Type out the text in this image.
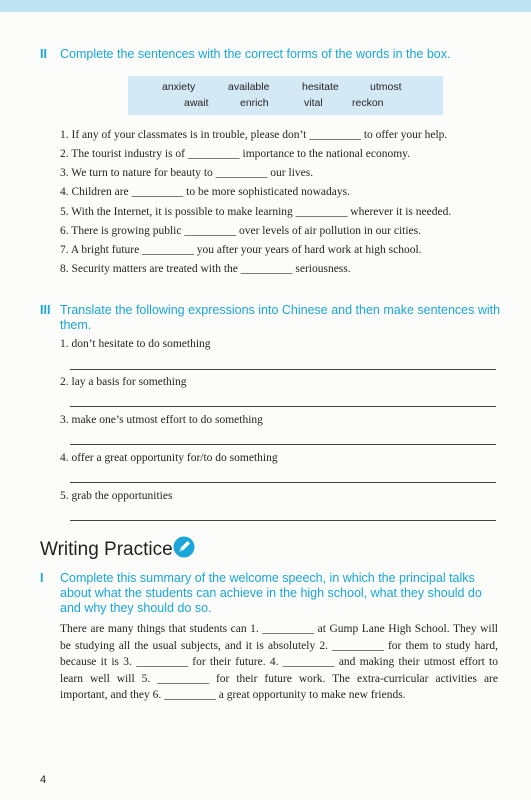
II Complete the sentences with the correct forms of the words in the box.
anxiety	available	hesitate	utmost
await	enrich	vital	reckon
1. If any of your classmates is in trouble, please don’t _________ to offer your help.
2. The tourist industry is of _________ importance to the national economy.
3. We turn to nature for beauty to _________ our lives.
4. Children are _________ to be more sophisticated nowadays.
5. With the Internet, it is possible to make learning _________ wherever it is needed.
6. There is growing public _________ over levels of air pollution in our cities.
7. A bright future _________ you after your years of hard work at high school.
8. Security matters are treated with the _________ seriousness.
III Translate the following expressions into Chinese and then make sentences with
them.
1. don’t hesitate to do something
2. lay a basis for something
3. make one’s utmost effort to do something
4. offer a great opportunity for/to do something
5. grab the opportunities
Writing Practice
I Complete this summary of the welcome speech, in which the principal talks
about what the students can achieve in the high school, what they should do
and why they should do so.
There are many things that students can 1. _________ at Gump Lane High School. They will be studying all the usual subjects, and it is absolutely 2. _________ for them to study hard, because it is 3. _________ for their future. 4. _________ and making their utmost effort to learn well will 5. _________ for their future work. The extra-curricular activities are important, and they 6. _________ a great opportunity to make new friends.
4
